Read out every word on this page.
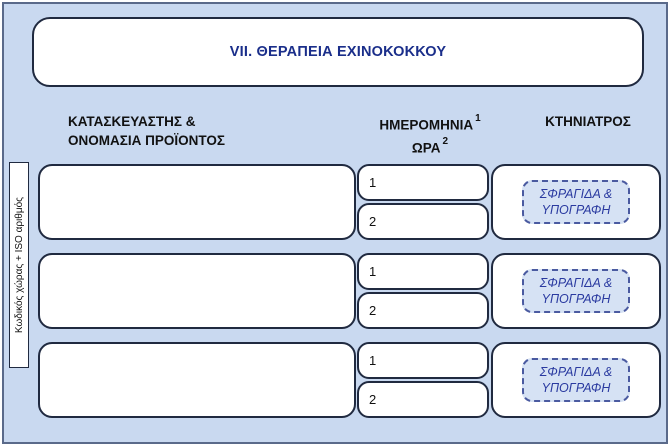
VII. ΘΕΡΑΠΕΙΑ ΕΧΙΝΟΚΟΚΚΟΥ
ΚΑΤΑΣΚΕΥΑΣΤΗΣ &
ΟΝΟΜΑΣΙΑ ΠΡΟΪΟΝΤΟΣ
ΗΜΕΡΟΜΗΝΙΑ $^1$
ΩΡΑ $^2$
ΚΤΗΝΙΑΤΡΟΣ
Κωδικός χώρας + ISO αριθμός
1
2
ΣΦΡΑΓΙΔΑ &
ΥΠΟΓΡΑΦΗ
1
2
ΣΦΡΑΓΙΔΑ &
ΥΠΟΓΡΑΦΗ
1
2
ΣΦΡΑΓΙΔΑ &
ΥΠΟΓΡΑΦΗ
